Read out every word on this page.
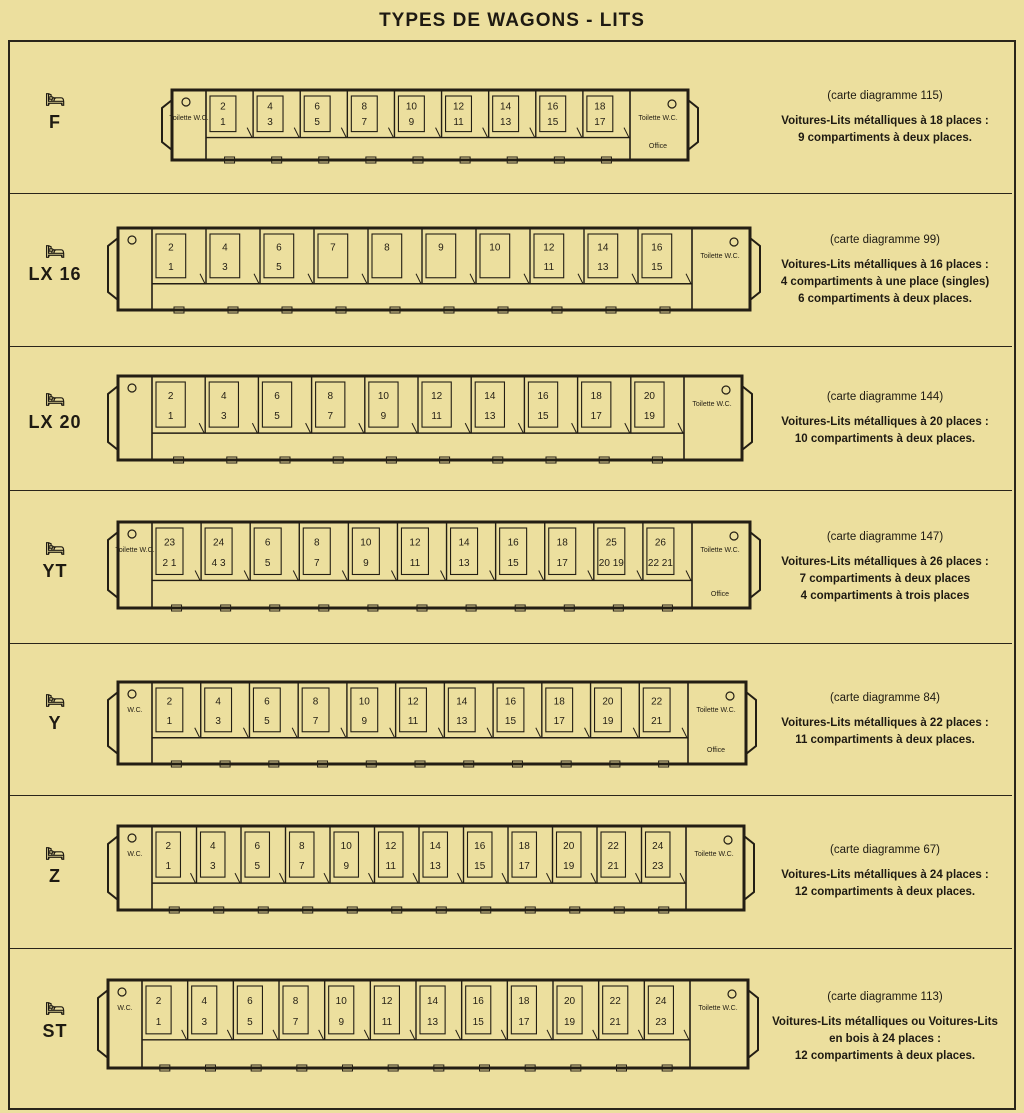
TYPES DE WAGONS - LITS
🛏
F	Toilette W.C.	Toilette W.C.
Office
2
1
4
3
6
5
8
7
10
9
12
11
14
13
16
15
18
17
(carte diagramme 115)
Voitures-Lits métalliques à 18 places :
9 compartiments à deux places.
🛏
LX 16
Toilette W.C.
2
1
4
3
6
5
7	8	9	10	12
11
14
13
16
15
(carte diagramme 99)
Voitures-Lits métalliques à 16 places :
4 compartiments à une place (singles)
6 compartiments à deux places.
🛏
LX 20
Toilette W.C.
2
1
4
3
6
5
8
7
10
9
12
11
14
13
16
15
18
17
20
19
(carte diagramme 144)
Voitures-Lits métalliques à 20 places :
10 compartiments à deux places.
🛏
YT
Toilette W.C.	Toilette W.C.
Office
23
2 1
24
4 3
6
5
8
7
10
9
12
11
14
13
16
15
18
17
25
20 19
26
22 21
(carte diagramme 147)
Voitures-Lits métalliques à 26 places :
7 compartiments à deux places
4 compartiments à trois places
🛏
Y
W.C.	Toilette W.C.
Office
2
1
4
3
6
5
8
7
10
9
12
11
14
13
16
15
18
17
20
19
22
21
(carte diagramme 84)
Voitures-Lits métalliques à 22 places :
11 compartiments à deux places.
🛏
Z
W.C.	Toilette W.C.
2
1
4
3
6
5
8
7
10
9
12
11
14
13
16
15
18
17
20
19
22
21
24
23
(carte diagramme 67)
Voitures-Lits métalliques à 24 places :
12 compartiments à deux places.
🛏
ST
W.C.	Toilette W.C.
2
1
4
3
6
5
8
7
10
9
12
11
14
13
16
15
18
17
20
19
22
21
24
23
(carte diagramme 113)
Voitures-Lits métalliques ou Voitures-Lits
en bois à 24 places :
12 compartiments à deux places.
